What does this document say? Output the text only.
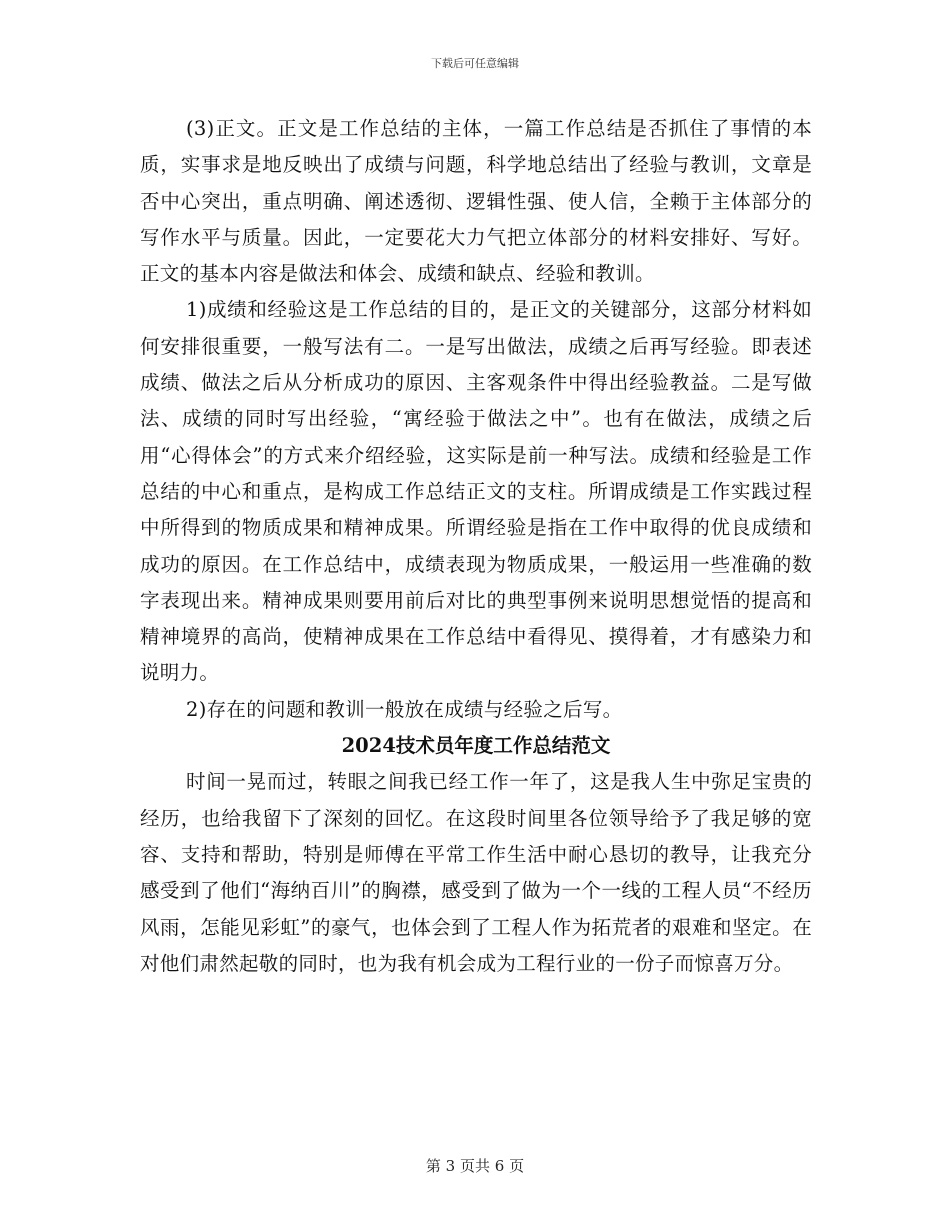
下载后可任意编辑

(3)正文。正文是工作总结的主体，一篇工作总结是否抓住了事情的本质，实事求是地反映出了成绩与问题，科学地总结出了经验与教训，文章是否中心突出，重点明确、阐述透彻、逻辑性强、使人信，全赖于主体部分的写作水平与质量。因此，一定要花大力气把立体部分的材料安排好、写好。正文的基本内容是做法和体会、成绩和缺点、经验和教训。

1)成绩和经验这是工作总结的目的，是正文的关键部分，这部分材料如何安排很重要，一般写法有二。一是写出做法，成绩之后再写经验。即表述成绩、做法之后从分析成功的原因、主客观条件中得出经验教益。二是写做法、成绩的同时写出经验，“寓经验于做法之中”。也有在做法，成绩之后用“心得体会”的方式来介绍经验，这实际是前一种写法。成绩和经验是工作总结的中心和重点，是构成工作总结正文的支柱。所谓成绩是工作实践过程中所得到的物质成果和精神成果。所谓经验是指在工作中取得的优良成绩和成功的原因。在工作总结中，成绩表现为物质成果，一般运用一些准确的数字表现出来。精神成果则要用前后对比的典型事例来说明思想觉悟的提高和精神境界的高尚，使精神成果在工作总结中看得见、摸得着，才有感染力和说明力。

2)存在的问题和教训一般放在成绩与经验之后写。

2024技术员年度工作总结范文

时间一晃而过，转眼之间我已经工作一年了，这是我人生中弥足宝贵的经历，也给我留下了深刻的回忆。在这段时间里各位领导给予了我足够的宽容、支持和帮助，特别是师傅在平常工作生活中耐心恳切的教导，让我充分感受到了他们“海纳百川”的胸襟，感受到了做为一个一线的工程人员“不经历风雨，怎能见彩虹”的豪气，也体会到了工程人作为拓荒者的艰难和坚定。在对他们肃然起敬的同时，也为我有机会成为工程行业的一份子而惊喜万分。

第 3 页共 6 页
